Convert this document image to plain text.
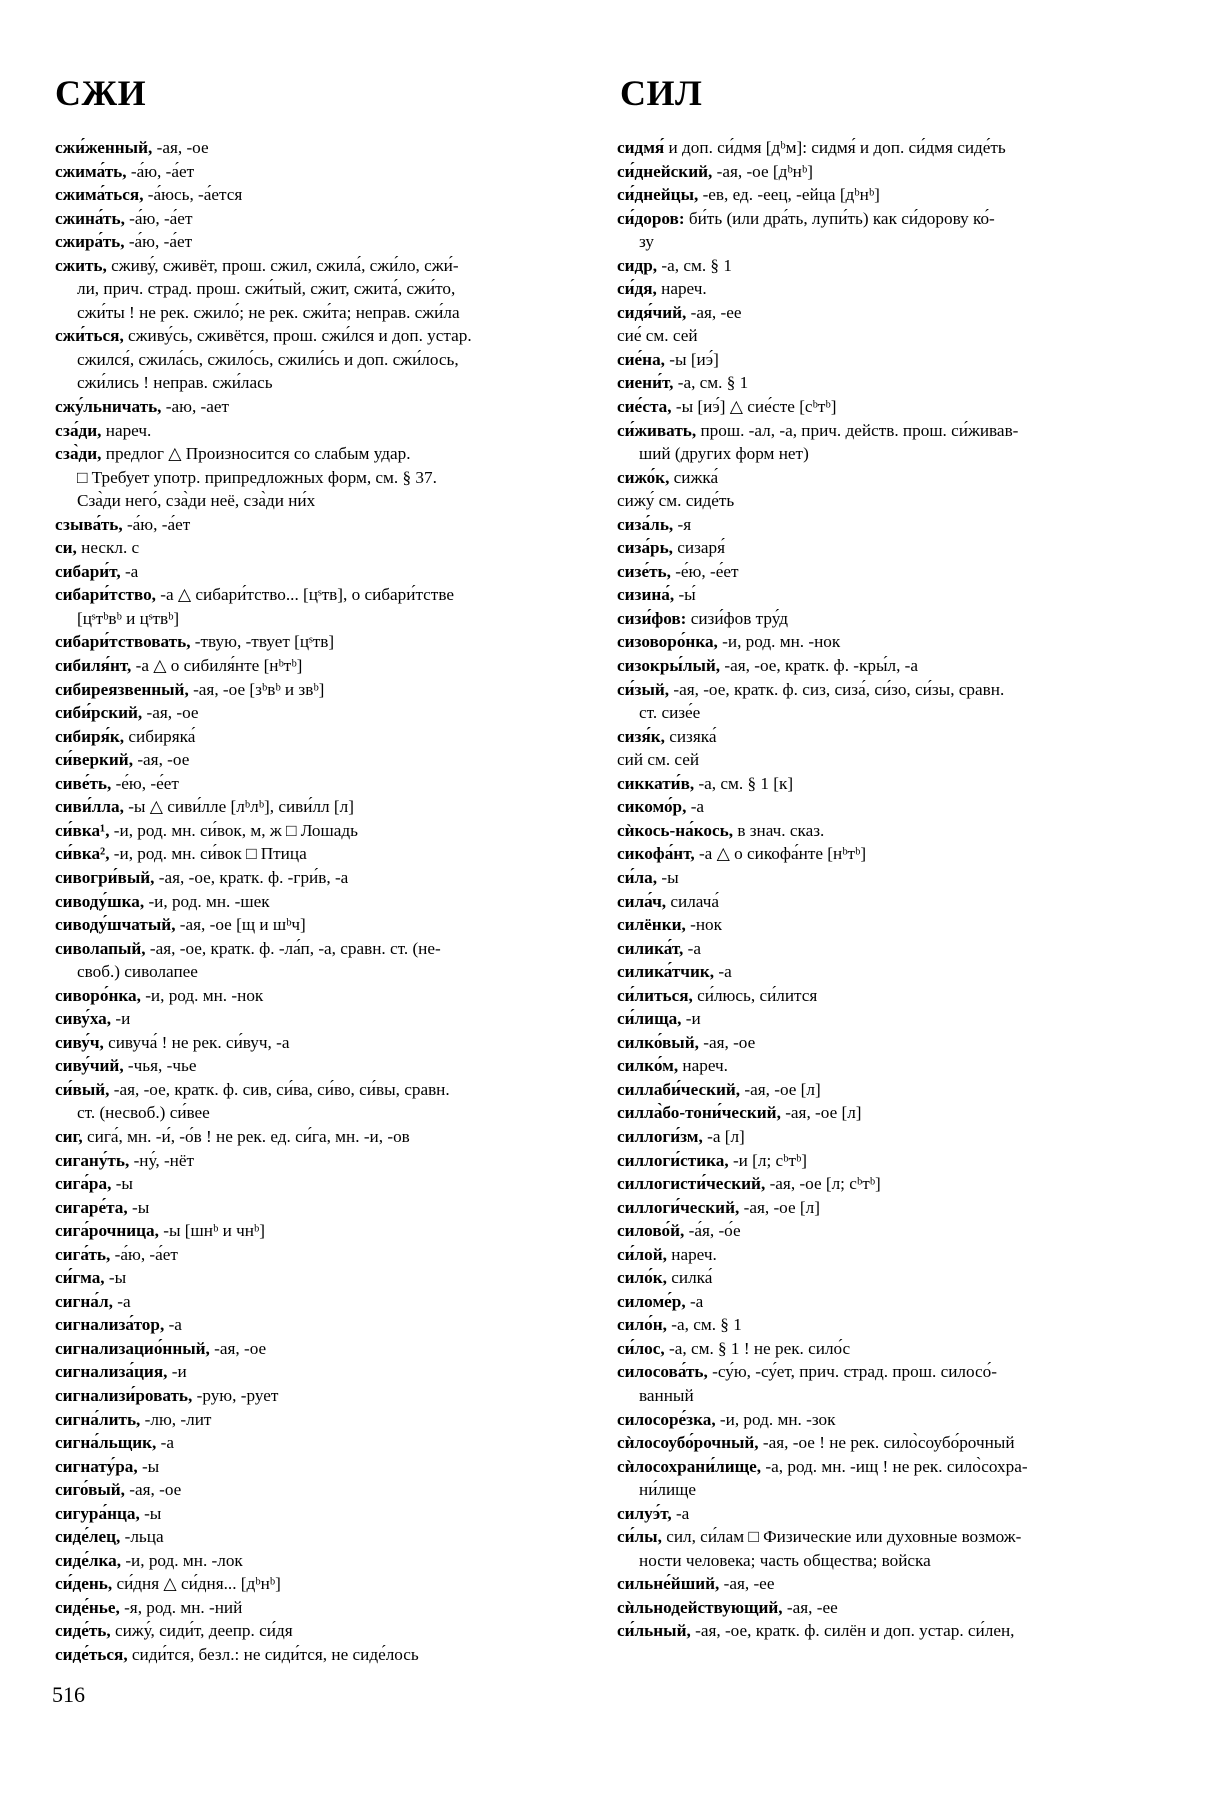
СЖИ	СИЛ
сжи́женный, -ая, -ое
сжима́ть, -а́ю, -а́ет
сжима́ться, -а́юсь, -а́ется
сжина́ть, -а́ю, -а́ет
сжира́ть, -а́ю, -а́ет
сжить, сживу́, сживёт, прош. сжил, сжила́, сжи́ло, сжи́-
ли, прич. страд. прош. сжи́тый, сжит, сжита́, сжи́то,
сжи́ты ! не рек. сжило́; не рек. сжи́та; неправ. сжи́ла
сжи́ться, сживу́сь, сживётся, прош. сжи́лся и доп. устар.
сжился́, сжила́сь, сжило́сь, сжили́сь и доп. сжи́лось,
сжи́лись ! неправ. сжи́лась
сжу́льничать, -аю, -ает
сза́ди, нареч.
сза̀ди, предлог △ Произносится со слабым удар.
□ Требует употр. припредложных форм, см. § 37.
Сза̀ди него́, сза̀ди неё, сза̀ди ни́х
сзыва́ть, -а́ю, -а́ет
си, нескл. с
сибари́т, -а
сибари́тство, -а △ сибари́тство... [цˢтв], о сибари́тстве
[цˢтᵇвᵇ и цˢтвᵇ]
сибари́тствовать, -твую, -твует [цˢтв]
сибиля́нт, -а △ о сибиля́нте [нᵇтᵇ]
сибиреязвенный, -ая, -ое [зᵇвᵇ и звᵇ]
сиби́рский, -ая, -ое
сибиря́к, сибиряка́
си́веркий, -ая, -ое
сиве́ть, -е́ю, -е́ет
сиви́лла, -ы △ сиви́лле [лᵇлᵇ], сиви́лл [л]
си́вка¹, -и, род. мн. си́вок, м, ж □ Лошадь
си́вка², -и, род. мн. си́вок □ Птица
сивогри́вый, -ая, -ое, кратк. ф. -гри́в, -а
сиводу́шка, -и, род. мн. -шек
сиводу́шчатый, -ая, -ое [щ и шᵇч]
сиволапый, -ая, -ое, кратк. ф. -ла́п, -а, сравн. ст. (не-
своб.) сиволапее
сиворо́нка, -и, род. мн. -нок
сиву́ха, -и
сиву́ч, сивуча́ ! не рек. си́вуч, -а
сиву́чий, -чья, -чье
си́вый, -ая, -ое, кратк. ф. сив, си́ва, си́во, си́вы, сравн.
ст. (несвоб.) си́вее
сиг, сига́, мн. -и́, -о́в ! не рек. ед. си́га, мн. -и, -ов
сигану́ть, -ну́, -нёт
сига́ра, -ы
сигаре́та, -ы
сига́рочница, -ы [шнᵇ и чнᵇ]
сига́ть, -а́ю, -а́ет
си́гма, -ы
сигна́л, -а
сигнализа́тор, -а
сигнализацио́нный, -ая, -ое
сигнализа́ция, -и
сигнализи́ровать, -рую, -рует
сигна́лить, -лю, -лит
сигна́льщик, -а
сигнату́ра, -ы
сиго́вый, -ая, -ое
сигура́нца, -ы
сиде́лец, -льца
сиде́лка, -и, род. мн. -лок
си́день, си́дня △ си́дня... [дᵇнᵇ]
сиде́нье, -я, род. мн. -ний
сиде́ть, сижу́, сиди́т, деепр. си́дя
сиде́ться, сиди́тся, безл.: не сиди́тся, не сиде́лось
сидмя́ и доп. си́дмя [дᵇм]: сидмя́ и доп. си́дмя сиде́ть
си́днейский, -ая, -ое [дᵇнᵇ]
си́днейцы, -ев, ед. -еец, -ейца [дᵇнᵇ]
си́доров: би́ть (или дра́ть, лупи́ть) как си́дорову ко́-
зу
сидр, -а, см. § 1
си́дя, нареч.
сидя́чий, -ая, -ее
сие́ см. сей
сие́на, -ы [иэ́]
сиени́т, -а, см. § 1
сие́ста, -ы [иэ́] △ сие́сте [сᵇтᵇ]
си́живать, прош. -ал, -а, прич. действ. прош. си́живав-
ший (других форм нет)
сижо́к, сижка́
сижу́ см. сиде́ть
сиза́ль, -я
сиза́рь, сизаря́
сизе́ть, -е́ю, -е́ет
сизина́, -ы́
сизи́фов: сизи́фов тру́д
сизоворо́нка, -и, род. мн. -нок
сизокры́лый, -ая, -ое, кратк. ф. -кры́л, -а
си́зый, -ая, -ое, кратк. ф. сиз, сиза́, си́зо, си́зы, сравн.
ст. сизе́е
сизя́к, сизяка́
сий см. сей
сиккати́в, -а, см. § 1 [к]
сикомо́р, -а
сѝкось-на́кось, в знач. сказ.
сикофа́нт, -а △ о сикофа́нте [нᵇтᵇ]
си́ла, -ы
сила́ч, силача́
силёнки, -нок
силика́т, -а
силика́тчик, -а
си́литься, си́люсь, си́лится
си́лища, -и
силко́вый, -ая, -ое
силко́м, нареч.
силлаби́ческий, -ая, -ое [л]
силла̀бо-тони́ческий, -ая, -ое [л]
силлоги́зм, -а [л]
силлоги́стика, -и [л; сᵇтᵇ]
силлогисти́ческий, -ая, -ое [л; сᵇтᵇ]
силлоги́ческий, -ая, -ое [л]
силово́й, -а́я, -о́е
си́лой, нареч.
сило́к, силка́
силоме́р, -а
сило́н, -а, см. § 1
си́лос, -а, см. § 1 ! не рек. сило́с
силосова́ть, -су́ю, -су́ет, прич. страд. прош. силосо́-
ванный
силосоре́зка, -и, род. мн. -зок
сѝлосоубо́рочный, -ая, -ое ! не рек. сило̀соубо́рочный
сѝлосохрани́лище, -а, род. мн. -ищ ! не рек. сило̀сохра-
ни́лище
силуэ́т, -а
си́лы, сил, си́лам □ Физические или духовные возмож-
ности человека; часть общества; войска
сильне́йший, -ая, -ее
сѝльнодействующий, -ая, -ее
си́льный, -ая, -ое, кратк. ф. силён и доп. устар. си́лен,
516
